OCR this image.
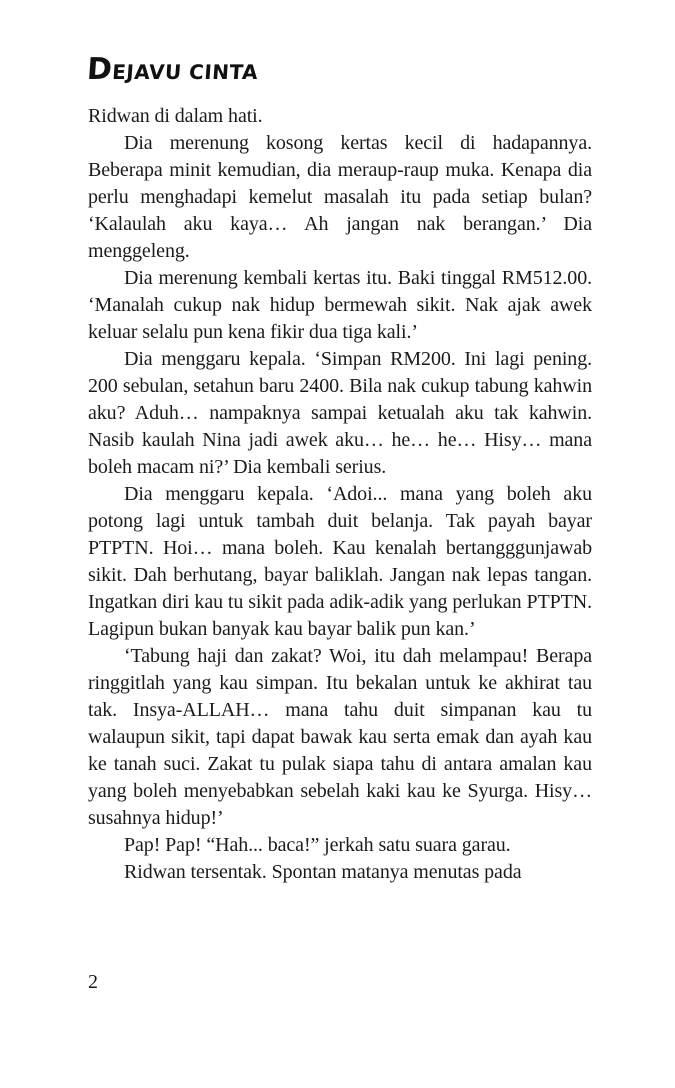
DEJAVU CINTA

Ridwan di dalam hati.

Dia merenung kosong kertas kecil di hadapannya. Beberapa minit kemudian, dia meraup-raup muka. Kenapa dia perlu menghadapi kemelut masalah itu pada setiap bulan? ‘Kalaulah aku kaya… Ah jangan nak berangan.’ Dia menggeleng.

Dia merenung kembali kertas itu. Baki tinggal RM512.00. ‘Manalah cukup nak hidup bermewah sikit. Nak ajak awek keluar selalu pun kena fikir dua tiga kali.’

Dia menggaru kepala. ‘Simpan RM200. Ini lagi pening. 200 sebulan, setahun baru 2400. Bila nak cukup tabung kahwin aku? Aduh… nampaknya sampai ketualah aku tak kahwin. Nasib kaulah Nina jadi awek aku… he… he… Hisy… mana boleh macam ni?’ Dia kembali serius.

Dia menggaru kepala. ‘Adoi... mana yang boleh aku potong lagi untuk tambah duit belanja. Tak payah bayar PTPTN. Hoi… mana boleh. Kau kenalah bertangggunjawab sikit. Dah berhutang, bayar baliklah. Jangan nak lepas tangan. Ingatkan diri kau tu sikit pada adik-adik yang perlukan PTPTN. Lagipun bukan banyak kau bayar balik pun kan.’

‘Tabung haji dan zakat? Woi, itu dah melampau! Berapa ringgitlah yang kau simpan. Itu bekalan untuk ke akhirat tau tak. Insya-ALLAH… mana tahu duit simpanan kau tu walaupun sikit, tapi dapat bawak kau serta emak dan ayah kau ke tanah suci. Zakat tu pulak siapa tahu di antara amalan kau yang boleh menyebabkan sebelah kaki kau ke Syurga. Hisy… susahnya hidup!’

Pap! Pap! “Hah... baca!” jerkah satu suara garau.

Ridwan tersentak. Spontan matanya menutas pada

2
